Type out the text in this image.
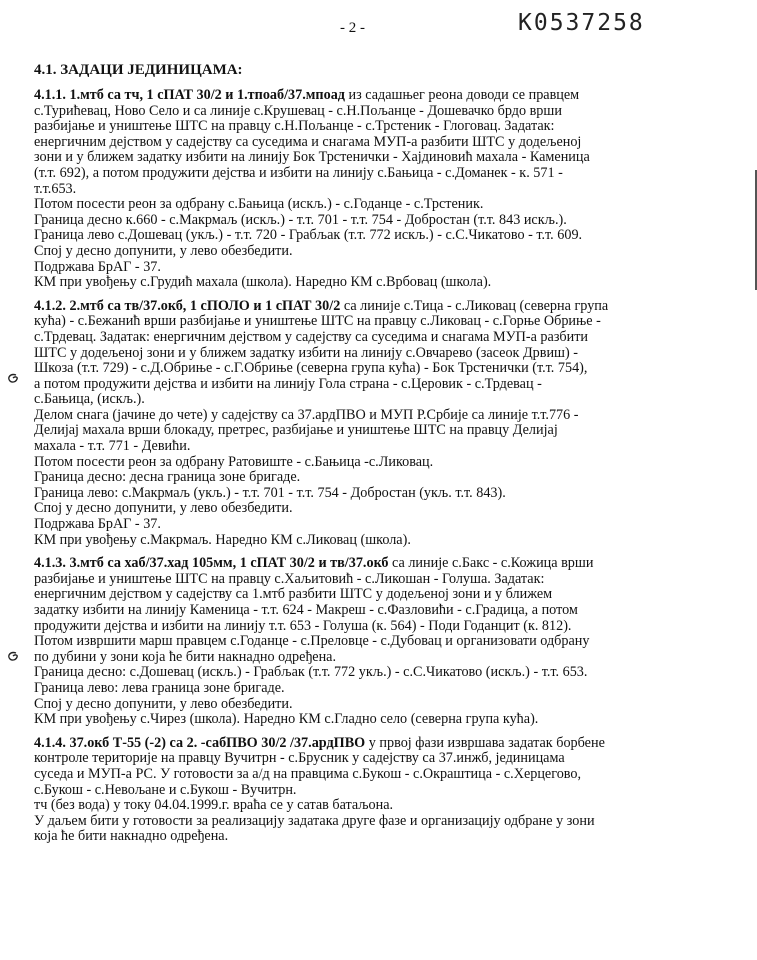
- 2 -	К0537258
4.1. ЗАДАЦИ ЈЕДИНИЦАМА:
4.1.1. 1.мтб са тч, 1 сПАТ 30/2 и 1.тпоаб/37.мпоад из садашњег реона доводи се правцем
с.Турићевац, Ново Село и са линије с.Крушевац - с.Н.Пољанце - Дошевачко брдо врши
разбијање и уништење ШТС на правцу с.Н.Пољанце - с.Трстеник - Глоговац. Задатак:
енергичним дејством у садејству са суседима и снагама МУП-а разбити ШТС у додељеној
зони и у ближем задатку избити на линију Бок Трстенички - Хајдиновић махала - Каменица
(т.т. 692), а потом продужити дејства и избити на линију с.Бањица - с.Доманек - к. 571 -
т.т.653.
Потом посести реон за одбрану с.Бањица (искљ.) - с.Годанце - с.Трстеник.
Граница десно к.660 - с.Макрмаљ (искљ.) - т.т. 701 - т.т. 754 - Добростан (т.т. 843 искљ.).
Граница лево с.Дошевац (укљ.) - т.т. 720 - Грабљак (т.т. 772 искљ.) - с.С.Чикатово - т.т. 609.
Спој у десно допунити, у лево обезбедити.
Подржава БрАГ - 37.
КМ при увођењу с.Грудић махала (школа). Наредно КМ с.Врбовац (школа).
4.1.2. 2.мтб са тв/37.окб, 1 сПОЛО и 1 сПАТ 30/2 са линије с.Тица - с.Ликовац (северна група
кућа) - с.Бежанић врши разбијање и уништење ШТС на правцу с.Ликовац - с.Горње Обриње -
с.Трдевац. Задатак: енергичним дејством у садејству са суседима и снагама МУП-а разбити
ШТС у додељеној зони и у ближем задатку избити на линију с.Овчарево (засеок Дрвиш) -
Шкоза (т.т. 729) - с.Д.Обриње - с.Г.Обриње (северна група кућа) - Бок Трстенички (т.т. 754),
а потом продужити дејства и избити на линију Гола страна - с.Церовик - с.Трдевац -
с.Бањица, (искљ.).
Делом снага (јачине до чете) у садејству са 37.ардПВО и МУП Р.Србије са линије т.т.776 -
Делијај махала врши блокаду, претрес, разбијање и уништење ШТС на правцу Делијај
махала - т.т. 771 - Девићи.
Потом посести реон за одбрану Ратовиште - с.Бањица -с.Ликовац.
Граница десно: десна граница зоне бригаде.
Граница лево: с.Макрмаљ (укљ.) - т.т. 701 - т.т. 754 - Добростан (укљ. т.т. 843).
Спој у десно допунити, у лево обезбедити.
Подржава БрАГ - 37.
КМ при увођењу с.Макрмаљ. Наредно КМ с.Ликовац (школа).
4.1.3. 3.мтб са хаб/37.хад 105мм, 1 сПАТ 30/2 и тв/37.окб са линије с.Бакс - с.Кожица врши
разбијање и уништење ШТС на правцу с.Хаљитовић - с.Ликошан - Голуша. Задатак:
енергичним дејством у садејству са 1.мтб разбити ШТС у додељеној зони и у ближем
задатку избити на линију Каменица - т.т. 624 - Макреш - с.Фазловићи - с.Градица, а потом
продужити дејства и избити на линију т.т. 653 - Голуша (к. 564) - Поди Годанцит (к. 812).
Потом извршити марш правцем с.Годанце - с.Преловце - с.Дубовац и организовати одбрану
по дубини у зони која ће бити накнадно одређена.
Граница десно: с.Дошевац (искљ.) - Грабљак (т.т. 772 укљ.) - с.С.Чикатово (искљ.) - т.т. 653.
Граница лево: лева граница зоне бригаде.
Спој у десно допунити, у лево обезбедити.
КМ при увођењу с.Чирез (школа). Наредно КМ с.Гладно село (северна група кућа).
4.1.4. 37.окб Т-55 (-2) са 2. -сабПВО 30/2 /37.ардПВО у првој фази извршава задатак борбене
контроле територије на правцу Вучитрн - с.Брусник у садејству са 37.инжб, јединицама
суседа и МУП-а РС. У готовости за а/д на правцима с.Букош - с.Окраштица - с.Херцегово,
с.Букош - с.Невољане и с.Букош - Вучитрн.
тч (без вода) у току 04.04.1999.г. враћа се у сатав батаљона.
У даљем бити у готовости за реализацију задатака друге фазе и организацију одбране у зони
која ће бити накнадно одређена.
